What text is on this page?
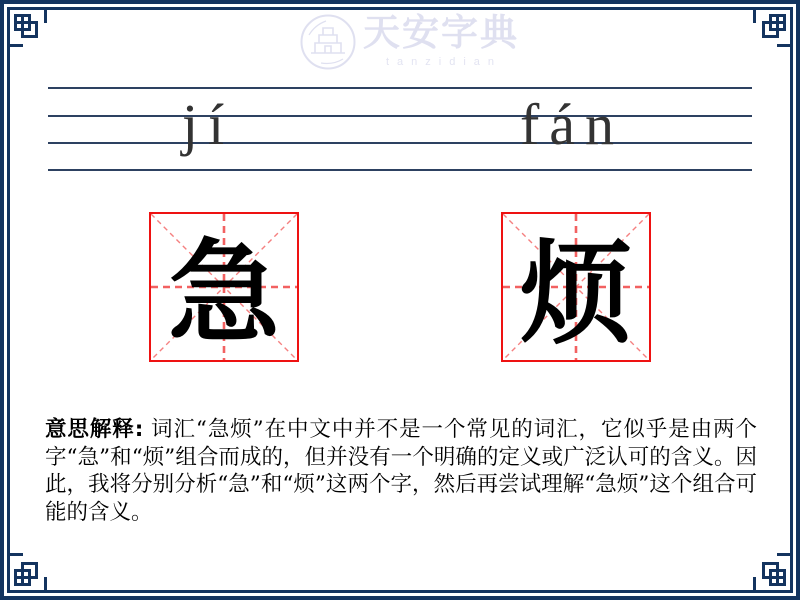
天安字典
tanzidian
jí	fán
急 烦
意思解释: 词汇“急烦”在中文中并不是一个常见的词汇，它似乎是由两个字“急”和“烦”组合而成的，但并没有一个明确的定义或广泛认可的含义。因此，我将分别分析“急”和“烦”这两个字，然后再尝试理解“急烦”这个组合可能的含义。
